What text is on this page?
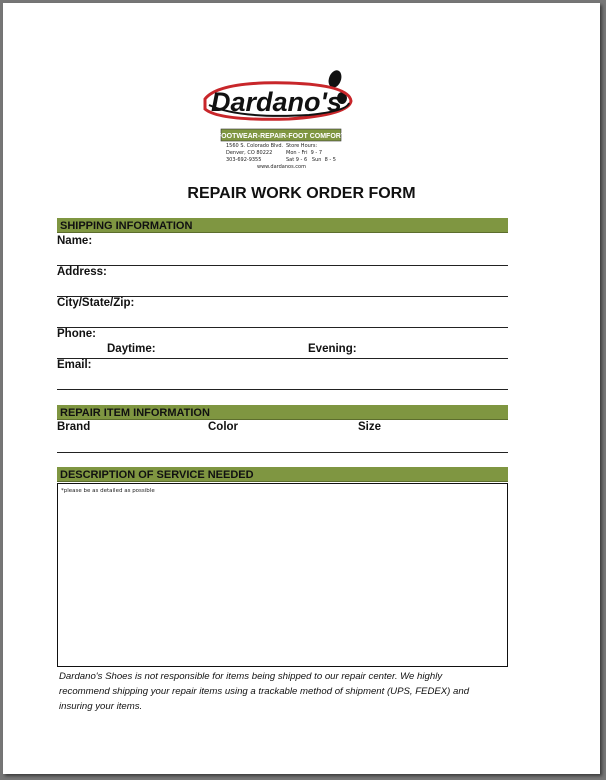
Dardano's
FOOTWEAR-REPAIR-FOOT COMFORT
1560 S. Colorado Blvd.
Denver, CO 80222
303-692-9355
Store Hours:
Mon - Fri  9 - 7
Sat 9 - 6   Sun  8 - 5
www.dardanos.com
REPAIR WORK ORDER FORM
SHIPPING INFORMATION
Name:
Address:
City/State/Zip:
Phone:
Daytime:	Evening:
Email:
REPAIR ITEM INFORMATION
Brand	Color	Size
DESCRIPTION OF SERVICE NEEDED
*please be as detailed as possible
Dardano's Shoes is not responsible for items being shipped to our repair center. We highly recommend shipping your repair items using a trackable method of shipment (UPS, FEDEX) and insuring your items.
